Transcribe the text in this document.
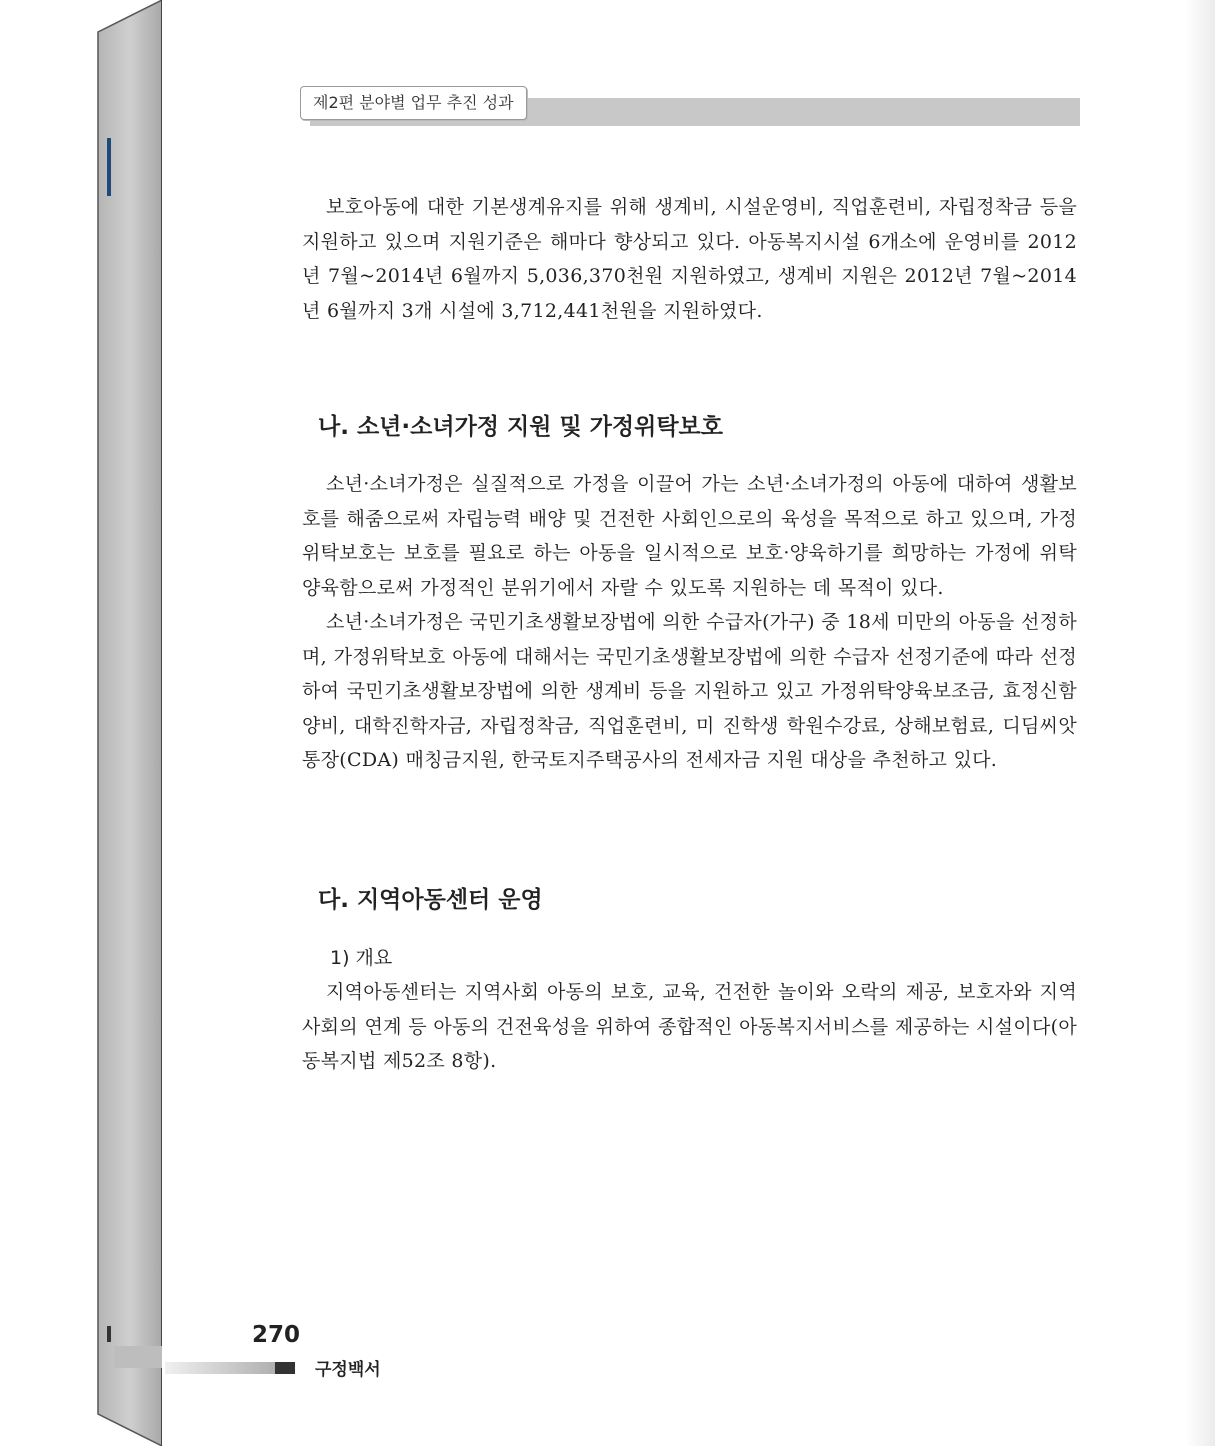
제2편 분야별 업무 추진 성과

보호아동에 대한 기본생계유지를 위해 생계비, 시설운영비, 직업훈련비, 자립정착금 등을 지원하고 있으며 지원기준은 해마다 향상되고 있다. 아동복지시설 6개소에 운영비를 2012년 7월~2014년 6월까지 5,036,370천원 지원하였고, 생계비 지원은 2012년 7월~2014년 6월까지 3개 시설에 3,712,441천원을 지원하였다.

나. 소년·소녀가정 지원 및 가정위탁보호

소년·소녀가정은 실질적으로 가정을 이끌어 가는 소년·소녀가정의 아동에 대하여 생활보호를 해줌으로써 자립능력 배양 및 건전한 사회인으로의 육성을 목적으로 하고 있으며, 가정위탁보호는 보호를 필요로 하는 아동을 일시적으로 보호·양육하기를 희망하는 가정에 위탁 양육함으로써 가정적인 분위기에서 자랄 수 있도록 지원하는 데 목적이 있다.

소년·소녀가정은 국민기초생활보장법에 의한 수급자(가구) 중 18세 미만의 아동을 선정하며, 가정위탁보호 아동에 대해서는 국민기초생활보장법에 의한 수급자 선정기준에 따라 선정하여 국민기초생활보장법에 의한 생계비 등을 지원하고 있고 가정위탁양육보조금, 효정신함양비, 대학진학자금, 자립정착금, 직업훈련비, 미 진학생 학원수강료, 상해보험료, 디딤씨앗통장(CDA) 매칭금지원, 한국토지주택공사의 전세자금 지원 대상을 추천하고 있다.

다. 지역아동센터 운영

1) 개요

지역아동센터는 지역사회 아동의 보호, 교육, 건전한 놀이와 오락의 제공, 보호자와 지역사회의 연계 등 아동의 건전육성을 위하여 종합적인 아동복지서비스를 제공하는 시설이다(아동복지법 제52조 8항).

270
구정백서
